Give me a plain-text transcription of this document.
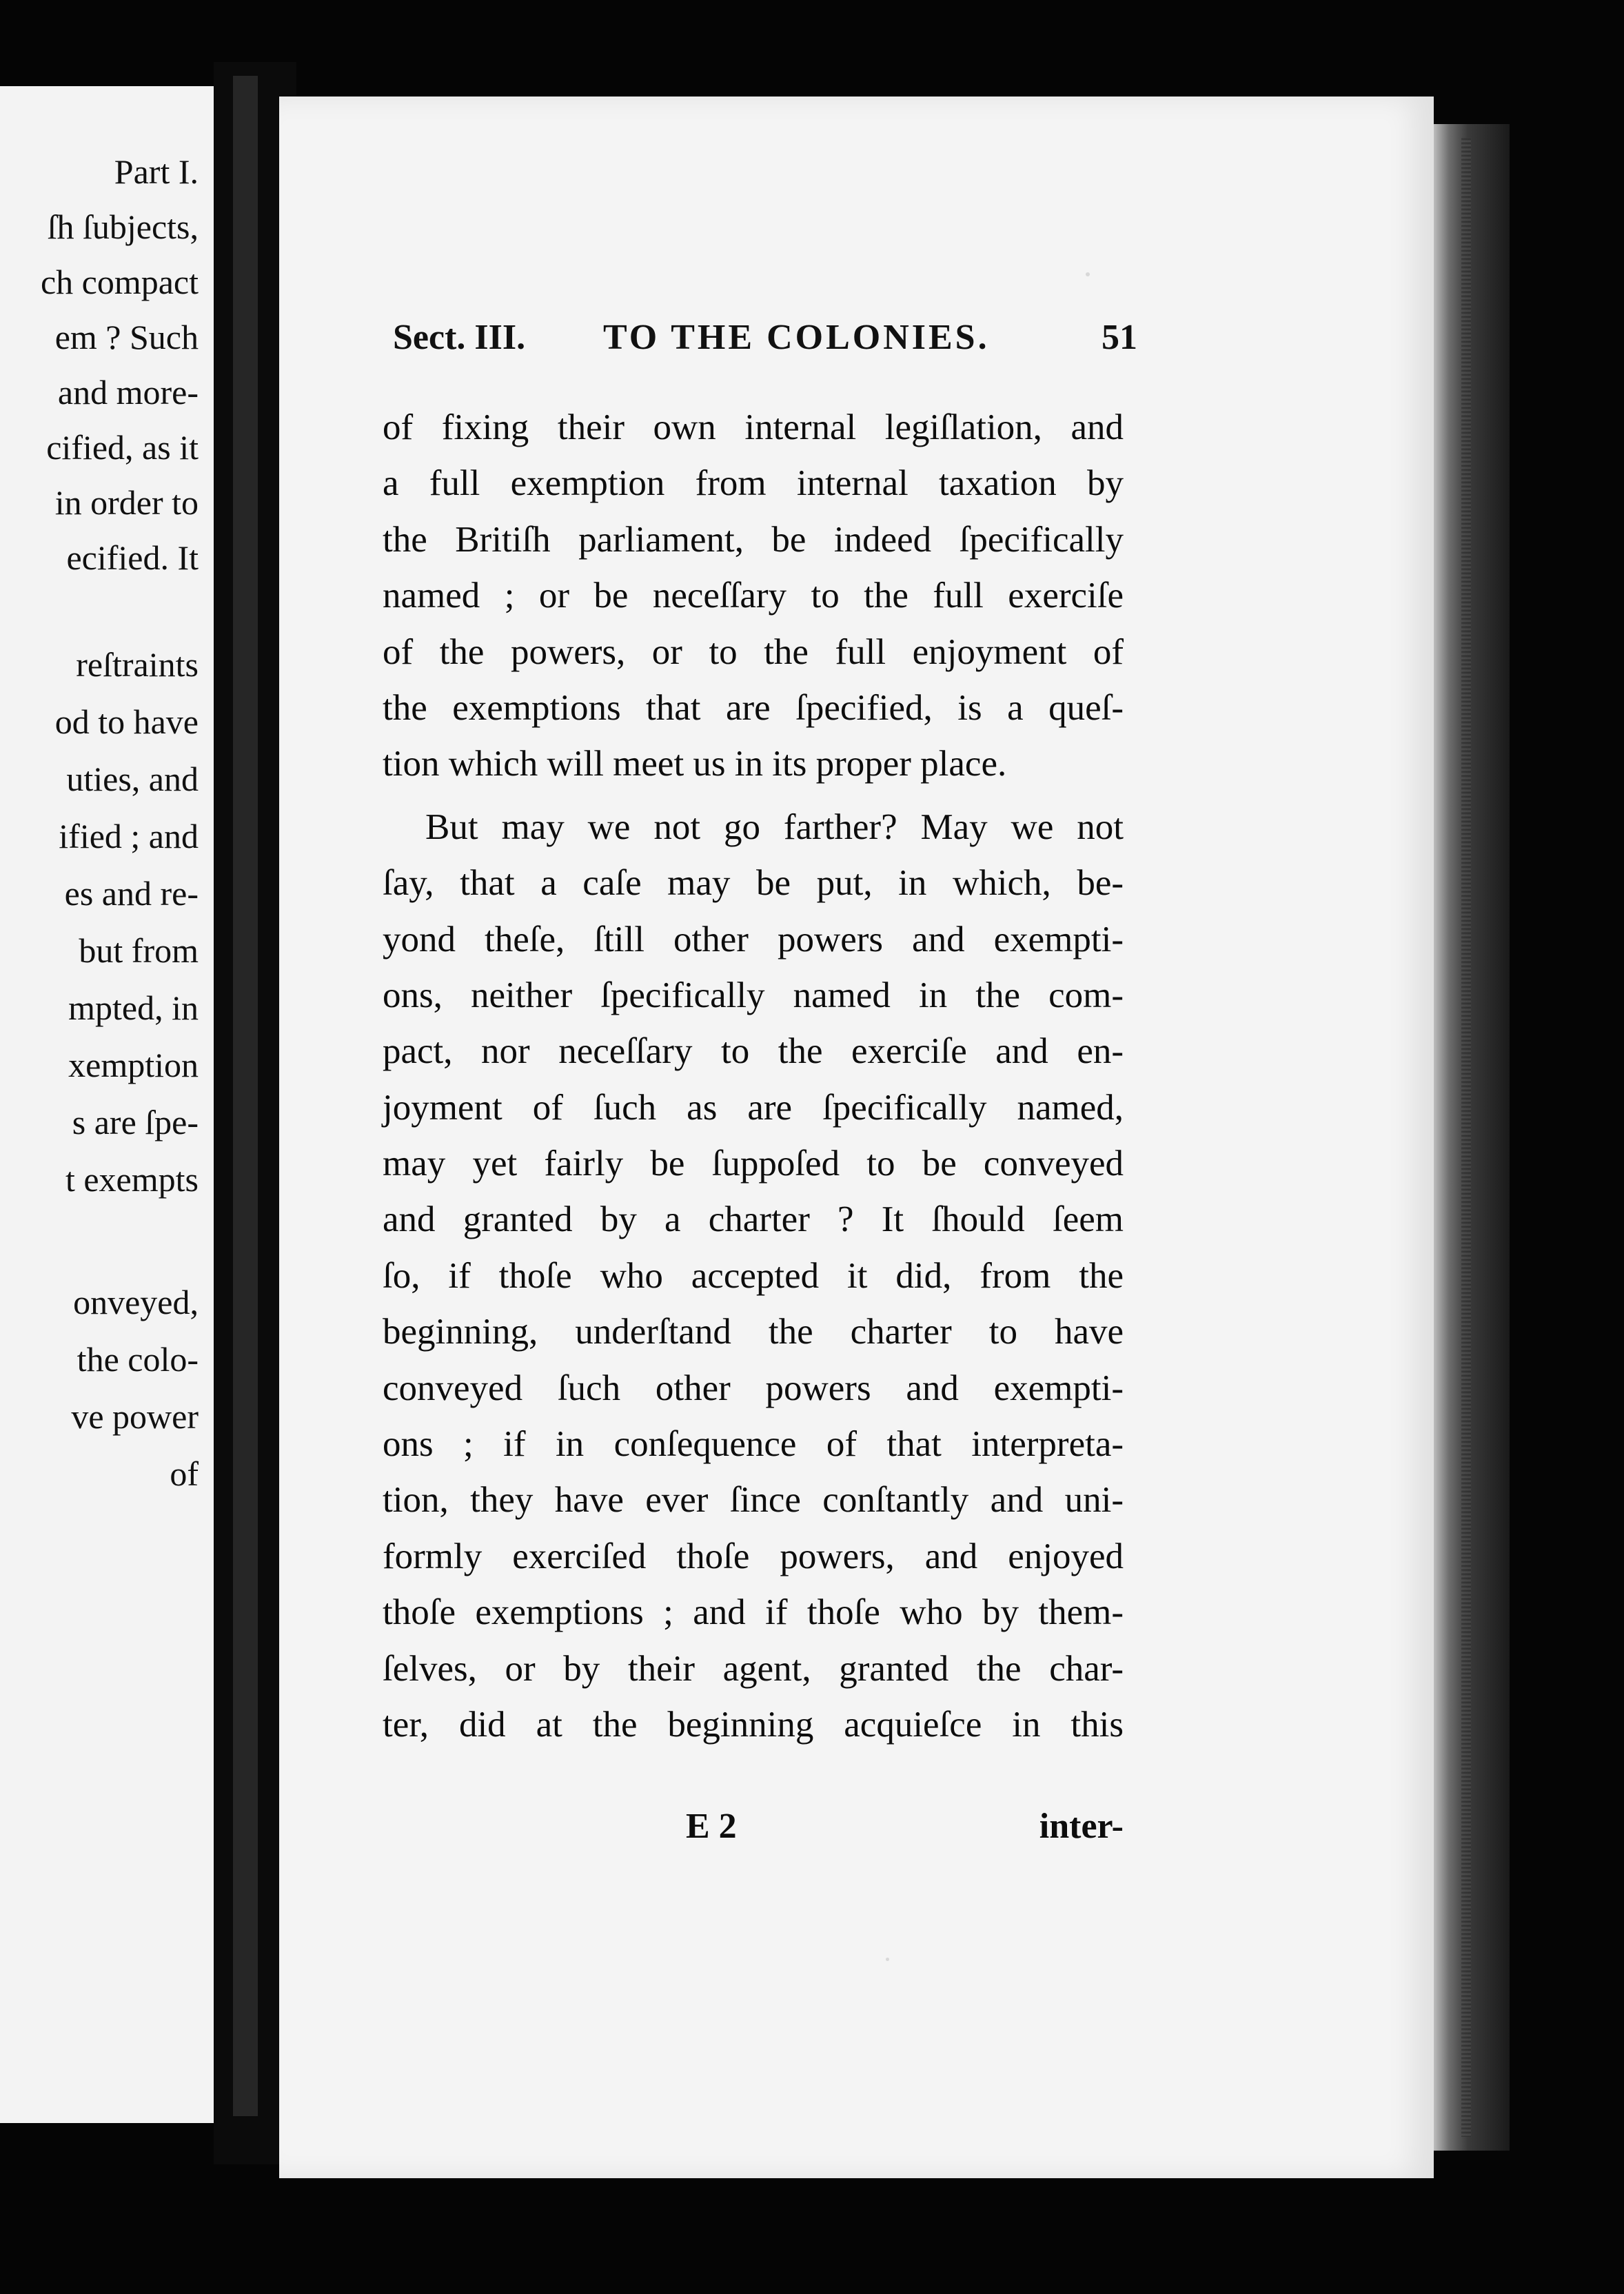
Part I.
ſh ſubjects,
ch compact
em ? Such
and more-
cified, as it
in order to
ecified. It
reſtraints
od to have
uties, and
ified ; and
es and re-
but from
mpted, in
xemption
s are ſpe-
t exempts
onveyed,
the colo-
ve power
of
Sect. III. TO THE COLONIES.	51
of fixing their own internal legiſlation, and
a full exemption from internal taxation by
the Britiſh parliament, be indeed ſpecifically
named ; or be neceſſary to the full exerciſe
of the powers, or to the full enjoyment of
the exemptions that are ſpecified, is a queſ-
tion which will meet us in its proper place.
But may we not go farther? May we not
ſay, that a caſe may be put, in which, be-
yond theſe, ſtill other powers and exempti-
ons, neither ſpecifically named in the com-
pact, nor neceſſary to the exerciſe and en-
joyment of ſuch as are ſpecifically named,
may yet fairly be ſuppoſed to be conveyed
and granted by a charter ? It ſhould ſeem
ſo, if thoſe who accepted it did, from the
beginning, underſtand the charter to have
conveyed ſuch other powers and exempti-
ons ; if in conſequence of that interpreta-
tion, they have ever ſince conſtantly and uni-
formly exerciſed thoſe powers, and enjoyed
thoſe exemptions ; and if thoſe who by them-
ſelves, or by their agent, granted the char-
ter, did at the beginning acquieſce in this
E 2	inter-
